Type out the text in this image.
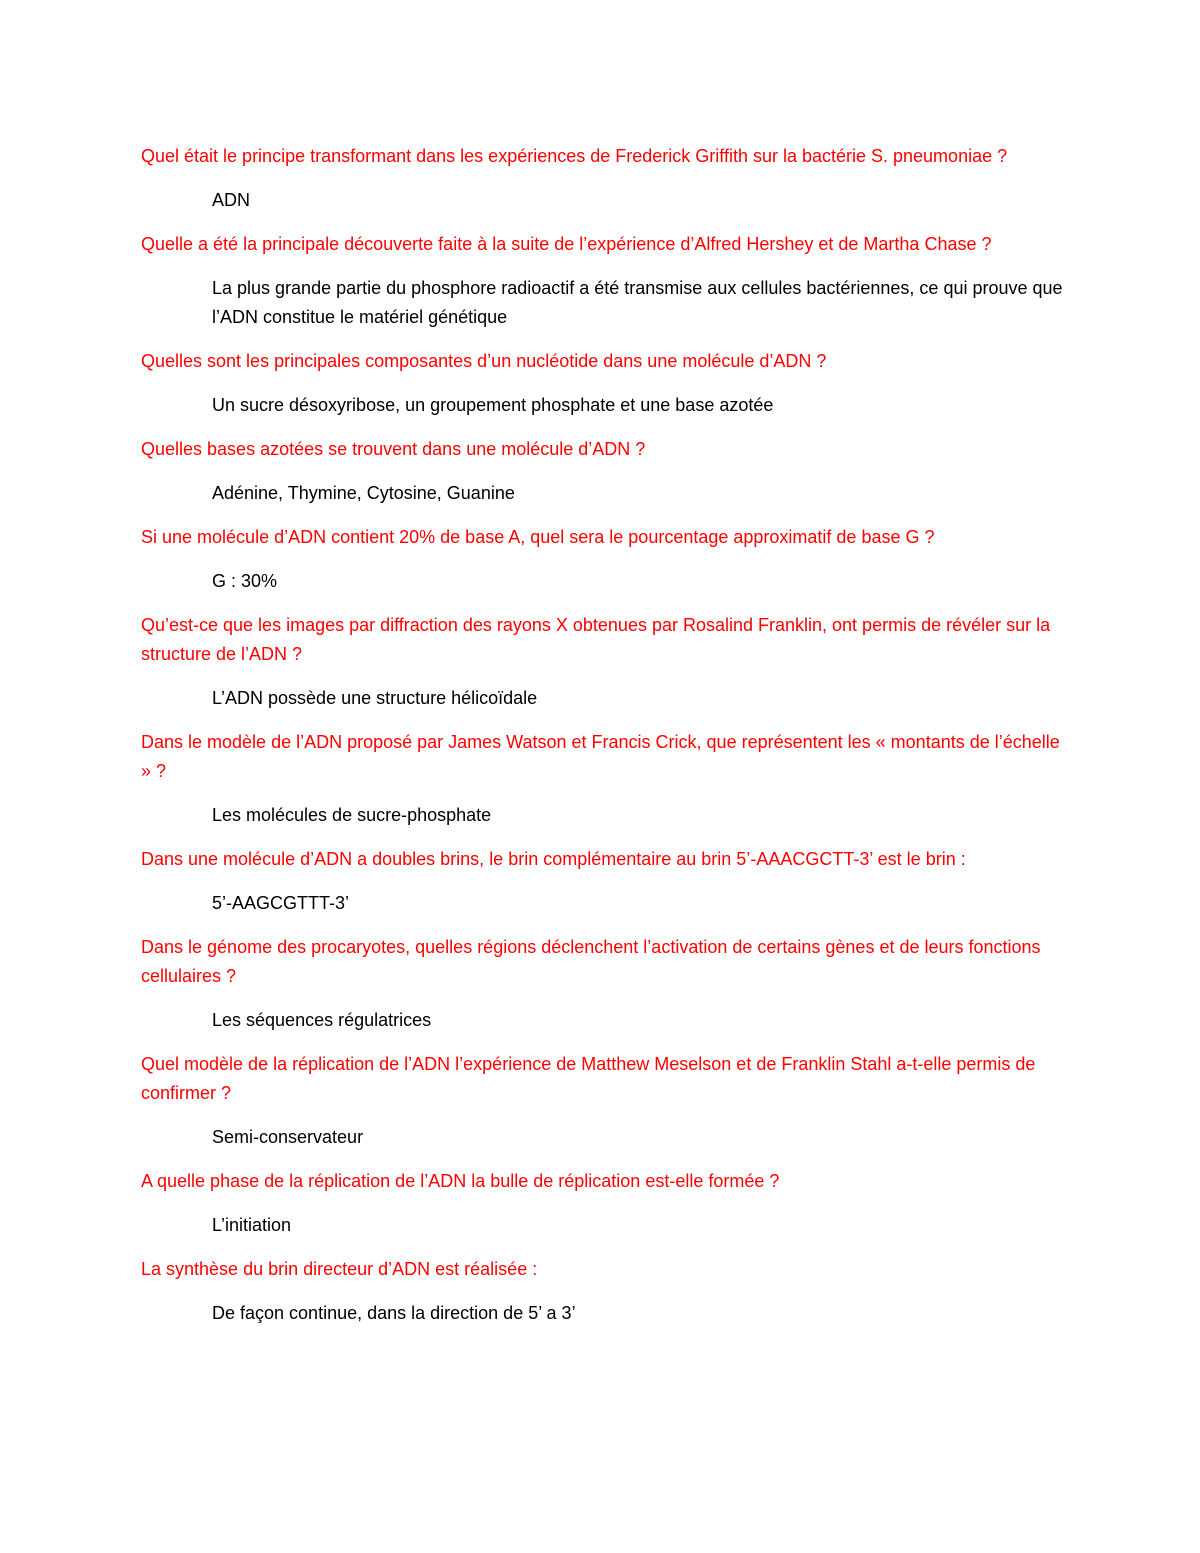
Quel était le principe transformant dans les expériences de Frederick Griffith sur la bactérie S. pneumoniae ?

ADN

Quelle a été la principale découverte faite à la suite de l’expérience d’Alfred Hershey et de Martha Chase ?

La plus grande partie du phosphore radioactif a été transmise aux cellules bactériennes, ce qui prouve que l’ADN constitue le matériel génétique

Quelles sont les principales composantes d’un nucléotide dans une molécule d’ADN ?

Un sucre désoxyribose, un groupement phosphate et une base azotée

Quelles bases azotées se trouvent dans une molécule d’ADN ?

Adénine, Thymine, Cytosine, Guanine

Si une molécule d’ADN contient 20% de base A, quel sera le pourcentage approximatif de base G ?

G : 30%

Qu’est-ce que les images par diffraction des rayons X obtenues par Rosalind Franklin, ont permis de révéler sur la structure de l’ADN ?

L’ADN possède une structure hélicoïdale

Dans le modèle de l’ADN proposé par James Watson et Francis Crick, que représentent les « montants de l’échelle » ?

Les molécules de sucre-phosphate

Dans une molécule d’ADN a doubles brins, le brin complémentaire au brin 5’-AAACGCTT-3’ est le brin :

5’-AAGCGTTT-3’

Dans le génome des procaryotes, quelles régions déclenchent l’activation de certains gènes et de leurs fonctions cellulaires ?

Les séquences régulatrices

Quel modèle de la réplication de l’ADN l’expérience de Matthew Meselson et de Franklin Stahl a-t-elle permis de confirmer ?

Semi-conservateur

A quelle phase de la réplication de l’ADN la bulle de réplication est-elle formée ?

L’initiation

La synthèse du brin directeur d’ADN est réalisée :

De façon continue, dans la direction de 5’ a 3’
